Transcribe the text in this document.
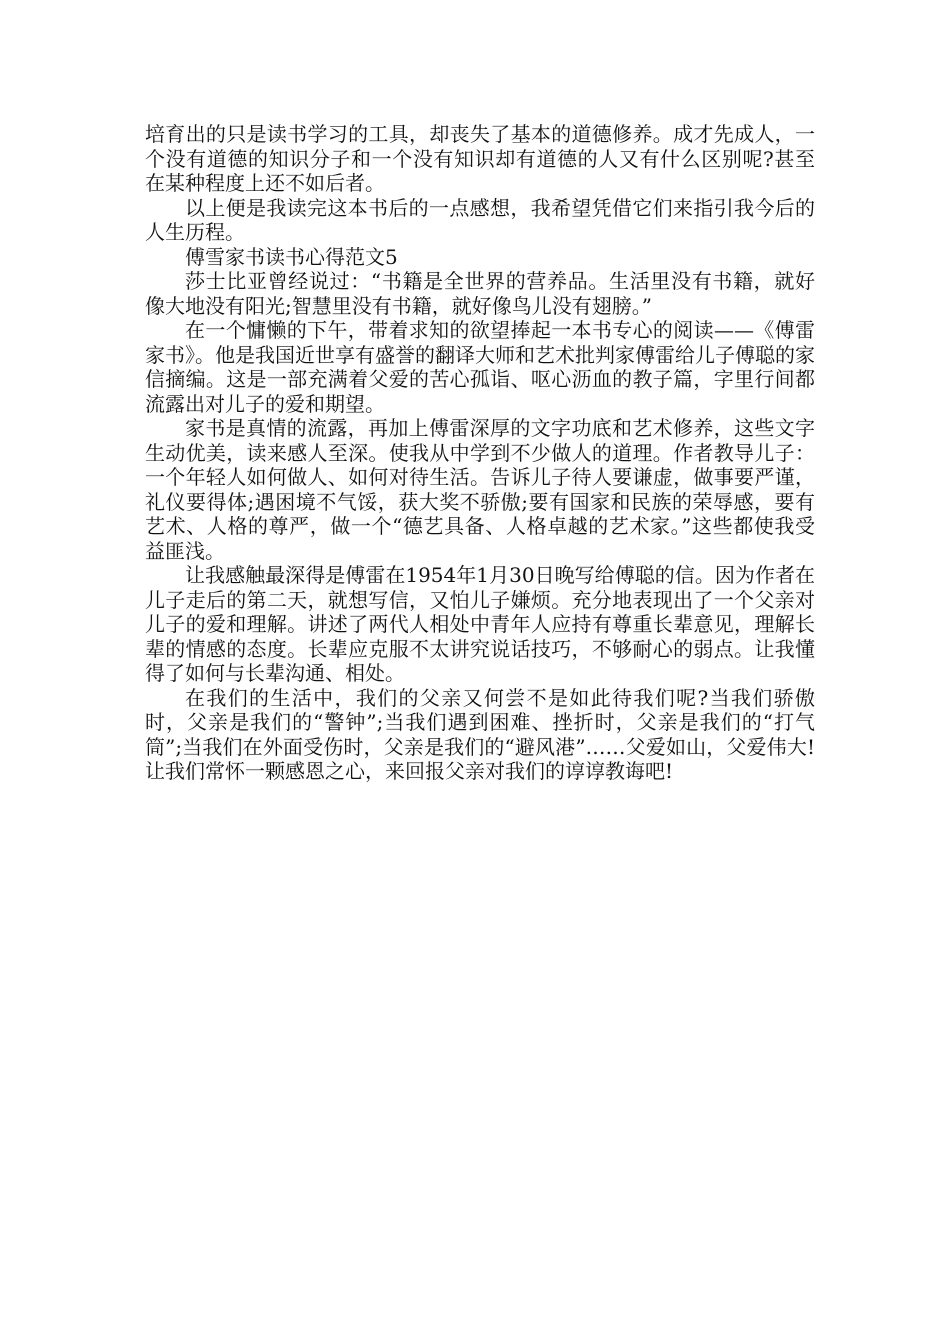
培育出的只是读书学习的工具，却丧失了基本的道德修养。成才先成人，一个没有道德的知识分子和一个没有知识却有道德的人又有什么区别呢?甚至在某种程度上还不如后者。

以上便是我读完这本书后的一点感想，我希望凭借它们来指引我今后的人生历程。

傅雪家书读书心得范文5

莎士比亚曾经说过：“书籍是全世界的营养品。生活里没有书籍，就好像大地没有阳光;智慧里没有书籍，就好像鸟儿没有翅膀。”

在一个慵懒的下午，带着求知的欲望捧起一本书专心的阅读——《傅雷家书》。他是我国近世享有盛誉的翻译大师和艺术批判家傅雷给儿子傅聪的家信摘编。这是一部充满着父爱的苦心孤诣、呕心沥血的教子篇，字里行间都流露出对儿子的爱和期望。

家书是真情的流露，再加上傅雷深厚的文字功底和艺术修养，这些文字生动优美，读来感人至深。使我从中学到不少做人的道理。作者教导儿子：一个年轻人如何做人、如何对待生活。告诉儿子待人要谦虚，做事要严谨，礼仪要得体;遇困境不气馁，获大奖不骄傲;要有国家和民族的荣辱感，要有艺术、人格的尊严，做一个“德艺具备、人格卓越的艺术家。”这些都使我受益匪浅。

让我感触最深得是傅雷在1954年1月30日晚写给傅聪的信。因为作者在儿子走后的第二天，就想写信，又怕儿子嫌烦。充分地表现出了一个父亲对儿子的爱和理解。讲述了两代人相处中青年人应持有尊重长辈意见，理解长辈的情感的态度。长辈应克服不太讲究说话技巧，不够耐心的弱点。让我懂得了如何与长辈沟通、相处。

在我们的生活中，我们的父亲又何尝不是如此待我们呢?当我们骄傲时，父亲是我们的“警钟”;当我们遇到困难、挫折时，父亲是我们的“打气筒”;当我们在外面受伤时，父亲是我们的“避风港”……父爱如山，父爱伟大!让我们常怀一颗感恩之心，来回报父亲对我们的谆谆教诲吧!
